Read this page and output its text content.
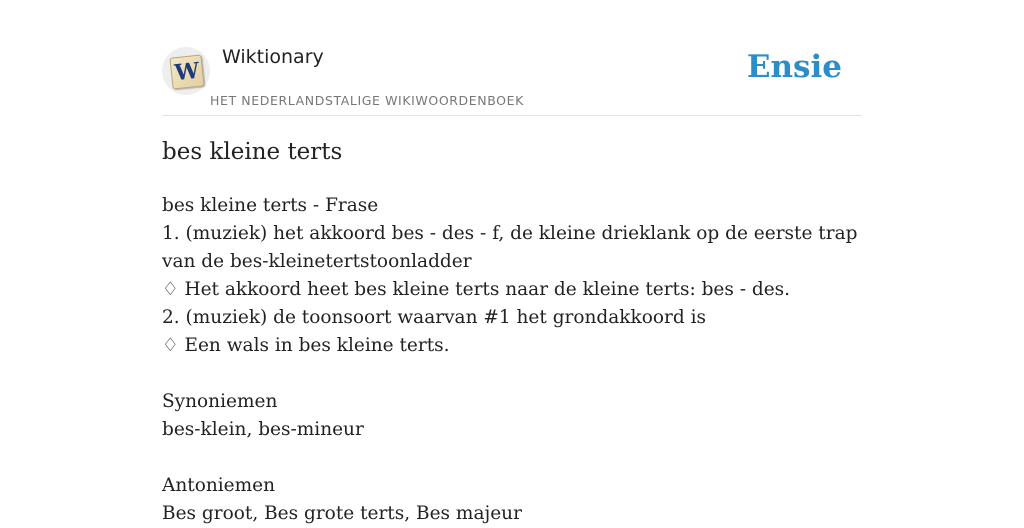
W
Wiktionary
HET NEDERLANDSTALIGE WIKIWOORDENBOEK
Ensie
bes kleine terts
bes kleine terts - Frase
1. (muziek) het akkoord bes - des - f, de kleine drieklank op de eerste trap van de bes-kleinetertstoonladder
♢ Het akkoord heet bes kleine terts naar de kleine terts: bes - des.
2. (muziek) de toonsoort waarvan #1 het grondakkoord is
♢ Een wals in bes kleine terts.
Synoniemen
bes-klein, bes-mineur
Antoniemen
Bes groot, Bes grote terts, Bes majeur
